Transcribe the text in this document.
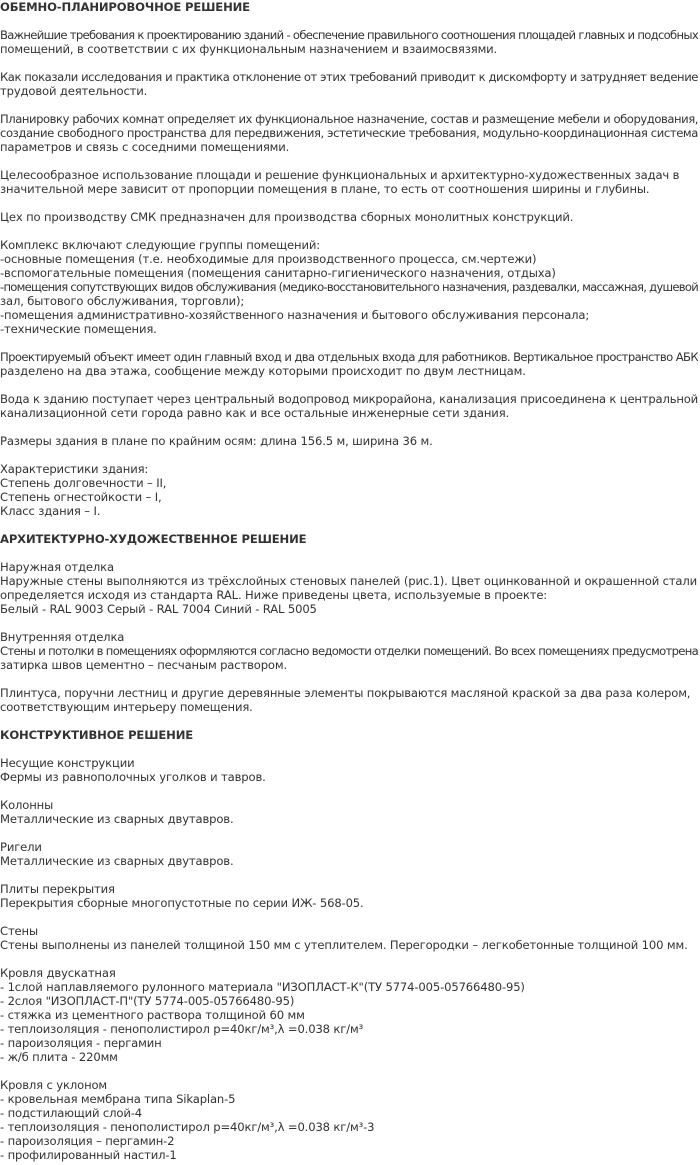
ОБЕМНО-ПЛАНИРОВОЧНОЕ РЕШЕНИЕ
Важнейшие требования к проектированию зданий - обеспечение правильного соотношения площадей главных и подсобных
помещений, в соответствии с их функциональным назначением и взаимосвязями.
Как показали исследования и практика отклонение от этих требований приводит к дискомфорту и затрудняет ведение
трудовой деятельности.
Планировку рабочих комнат определяет их функциональное назначение, состав и размещение мебели и оборудования,
создание свободного пространства для передвижения, эстетические требования, модульно-координационная система
параметров и связь с соседними помещениями.
Целесообразное использование площади и решение функциональных и архитектурно-художественных задач в
значительной мере зависит от пропорции помещения в плане, то есть от соотношения ширины и глубины.
Цех по производству СМК предназначен для производства сборных монолитных конструкций.
Комплекс включают следующие группы помещений:
-основные помещения (т.е. необходимые для производственного процесса, см.чертежи)
-вспомогательные помещения (помещения санитарно-гигиенического назначения, отдыха)
-помещения сопутствующих видов обслуживания (медико-восстановительного назначения, раздевалки, массажная, душевой
зал, бытового обслуживания, торговли);
-помещения административно-хозяйственного назначения и бытового обслуживания персонала;
-технические помещения.
Проектируемый объект имеет один главный вход и два отдельных входа для работников. Вертикальное пространство АБК
разделено на два этажа, сообщение между которыми происходит по двум лестницам.
Вода к зданию поступает через центральный водопровод микрорайона, канализация присоединена к центральной
канализационной сети города равно как и все остальные инженерные сети здания.
Размеры здания в плане по крайним осям: длина 156.5 м, ширина 36 м.
Характеристики здания:
Степень долговечности – II,
Степень огнестойкости – I,
Класс здания – I.
АРХИТЕКТУРНО-ХУДОЖЕСТВЕННОЕ РЕШЕНИЕ
Наружная отделка
Наружные стены выполняются из трёхслойных стеновых панелей (рис.1). Цвет оцинкованной и окрашенной стали
определяется исходя из стандарта RAL. Ниже приведены цвета, используемые в проекте:
Белый - RAL 9003 Серый - RAL 7004 Синий - RAL 5005
Внутренняя отделка
Стены и потолки в помещениях оформляются согласно ведомости отделки помещений. Во всех помещениях предусмотрена
затирка швов цементно – песчаным раствором.
Плинтуса, поручни лестниц и другие деревянные элементы покрываются масляной краской за два раза колером,
соответствующим интерьеру помещения.
КОНСТРУКТИВНОЕ РЕШЕНИЕ
Несущие конструкции
Фермы из равнополочных уголков и тавров.
Колонны
Металлические из сварных двутавров.
Ригели
Металлические из сварных двутавров.
Плиты перекрытия
Перекрытия сборные многопустотные по серии ИЖ- 568-05.
Стены
Стены выполнены из панелей толщиной 150 мм с утеплителем. Перегородки – легкобетонные толщиной 100 мм.
Кровля двускатная
- 1слой наплавляемого рулонного материала "ИЗОПЛАСТ-К"(ТУ 5774-005-05766480-95)
- 2слоя "ИЗОПЛАСТ-П"(ТУ 5774-005-05766480-95)
- стяжка из цементного раствора толщиной 60 мм
- теплоизоляция - пенополистирол р=40кг/м³,λ =0.038 кг/м³
- пароизоляция - пергамин
- ж/б плита - 220мм
Кровля с уклоном
- кровельная мембрана типа Sikaplan-5
- подстилающий слой-4
- теплоизоляция - пенополистирол р=40кг/м³,λ =0.038 кг/м³-3
- пароизоляция – пергамин-2
- профилированный настил-1
